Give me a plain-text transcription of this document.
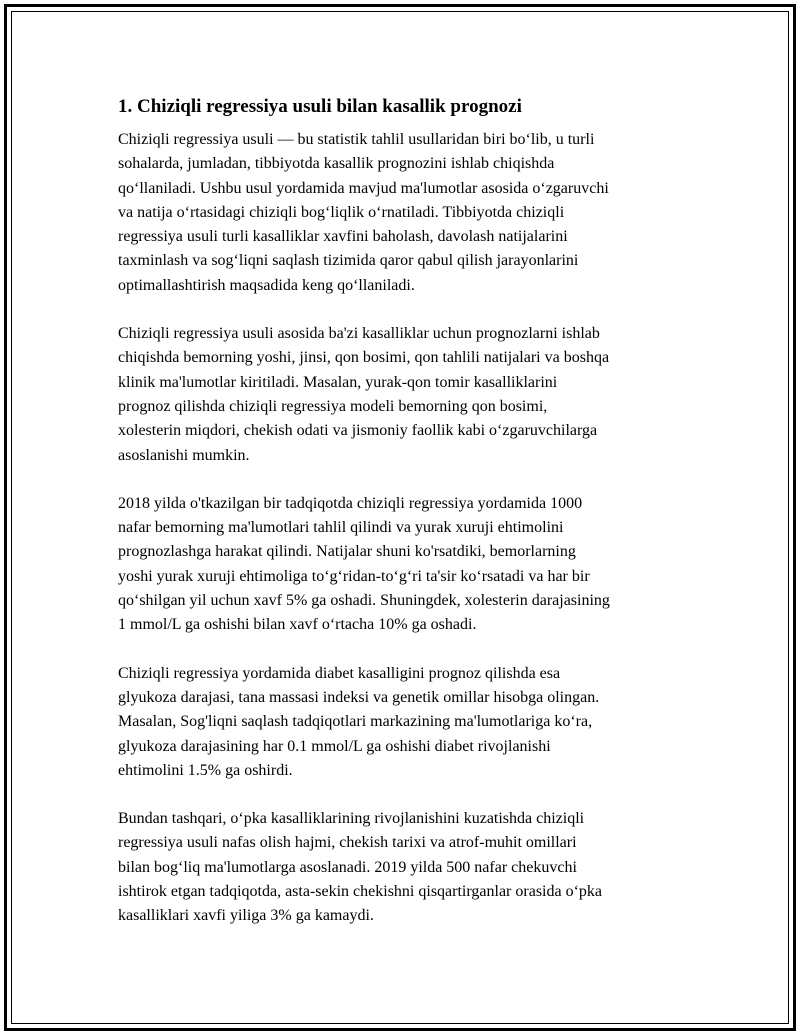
1. Chiziqli regressiya usuli bilan kasallik prognozi

Chiziqli regressiya usuli — bu statistik tahlil usullaridan biri bo‘lib, u turli
sohalarda, jumladan, tibbiyotda kasallik prognozini ishlab chiqishda
qo‘llaniladi. Ushbu usul yordamida mavjud ma'lumotlar asosida o‘zgaruvchi
va natija o‘rtasidagi chiziqli bog‘liqlik o‘rnatiladi. Tibbiyotda chiziqli
regressiya usuli turli kasalliklar xavfini baholash, davolash natijalarini
taxminlash va sog‘liqni saqlash tizimida qaror qabul qilish jarayonlarini
optimallashtirish maqsadida keng qo‘llaniladi.

Chiziqli regressiya usuli asosida ba'zi kasalliklar uchun prognozlarni ishlab
chiqishda bemorning yoshi, jinsi, qon bosimi, qon tahlili natijalari va boshqa
klinik ma'lumotlar kiritiladi. Masalan, yurak-qon tomir kasalliklarini
prognoz qilishda chiziqli regressiya modeli bemorning qon bosimi,
xolesterin miqdori, chekish odati va jismoniy faollik kabi o‘zgaruvchilarga
asoslanishi mumkin.

2018 yilda o'tkazilgan bir tadqiqotda chiziqli regressiya yordamida 1000
nafar bemorning ma'lumotlari tahlil qilindi va yurak xuruji ehtimolini
prognozlashga harakat qilindi. Natijalar shuni ko'rsatdiki, bemorlarning
yoshi yurak xuruji ehtimoliga to‘g‘ridan-to‘g‘ri ta'sir ko‘rsatadi va har bir
qo‘shilgan yil uchun xavf 5% ga oshadi. Shuningdek, xolesterin darajasining
1 mmol/L ga oshishi bilan xavf o‘rtacha 10% ga oshadi.

Chiziqli regressiya yordamida diabet kasalligini prognoz qilishda esa
glyukoza darajasi, tana massasi indeksi va genetik omillar hisobga olingan.
Masalan, Sog'liqni saqlash tadqiqotlari markazining ma'lumotlariga ko‘ra,
glyukoza darajasining har 0.1 mmol/L ga oshishi diabet rivojlanishi
ehtimolini 1.5% ga oshirdi.

Bundan tashqari, o‘pka kasalliklarining rivojlanishini kuzatishda chiziqli
regressiya usuli nafas olish hajmi, chekish tarixi va atrof-muhit omillari
bilan bog‘liq ma'lumotlarga asoslanadi. 2019 yilda 500 nafar chekuvchi
ishtirok etgan tadqiqotda, asta-sekin chekishni qisqartirganlar orasida o‘pka
kasalliklari xavfi yiliga 3% ga kamaydi.
